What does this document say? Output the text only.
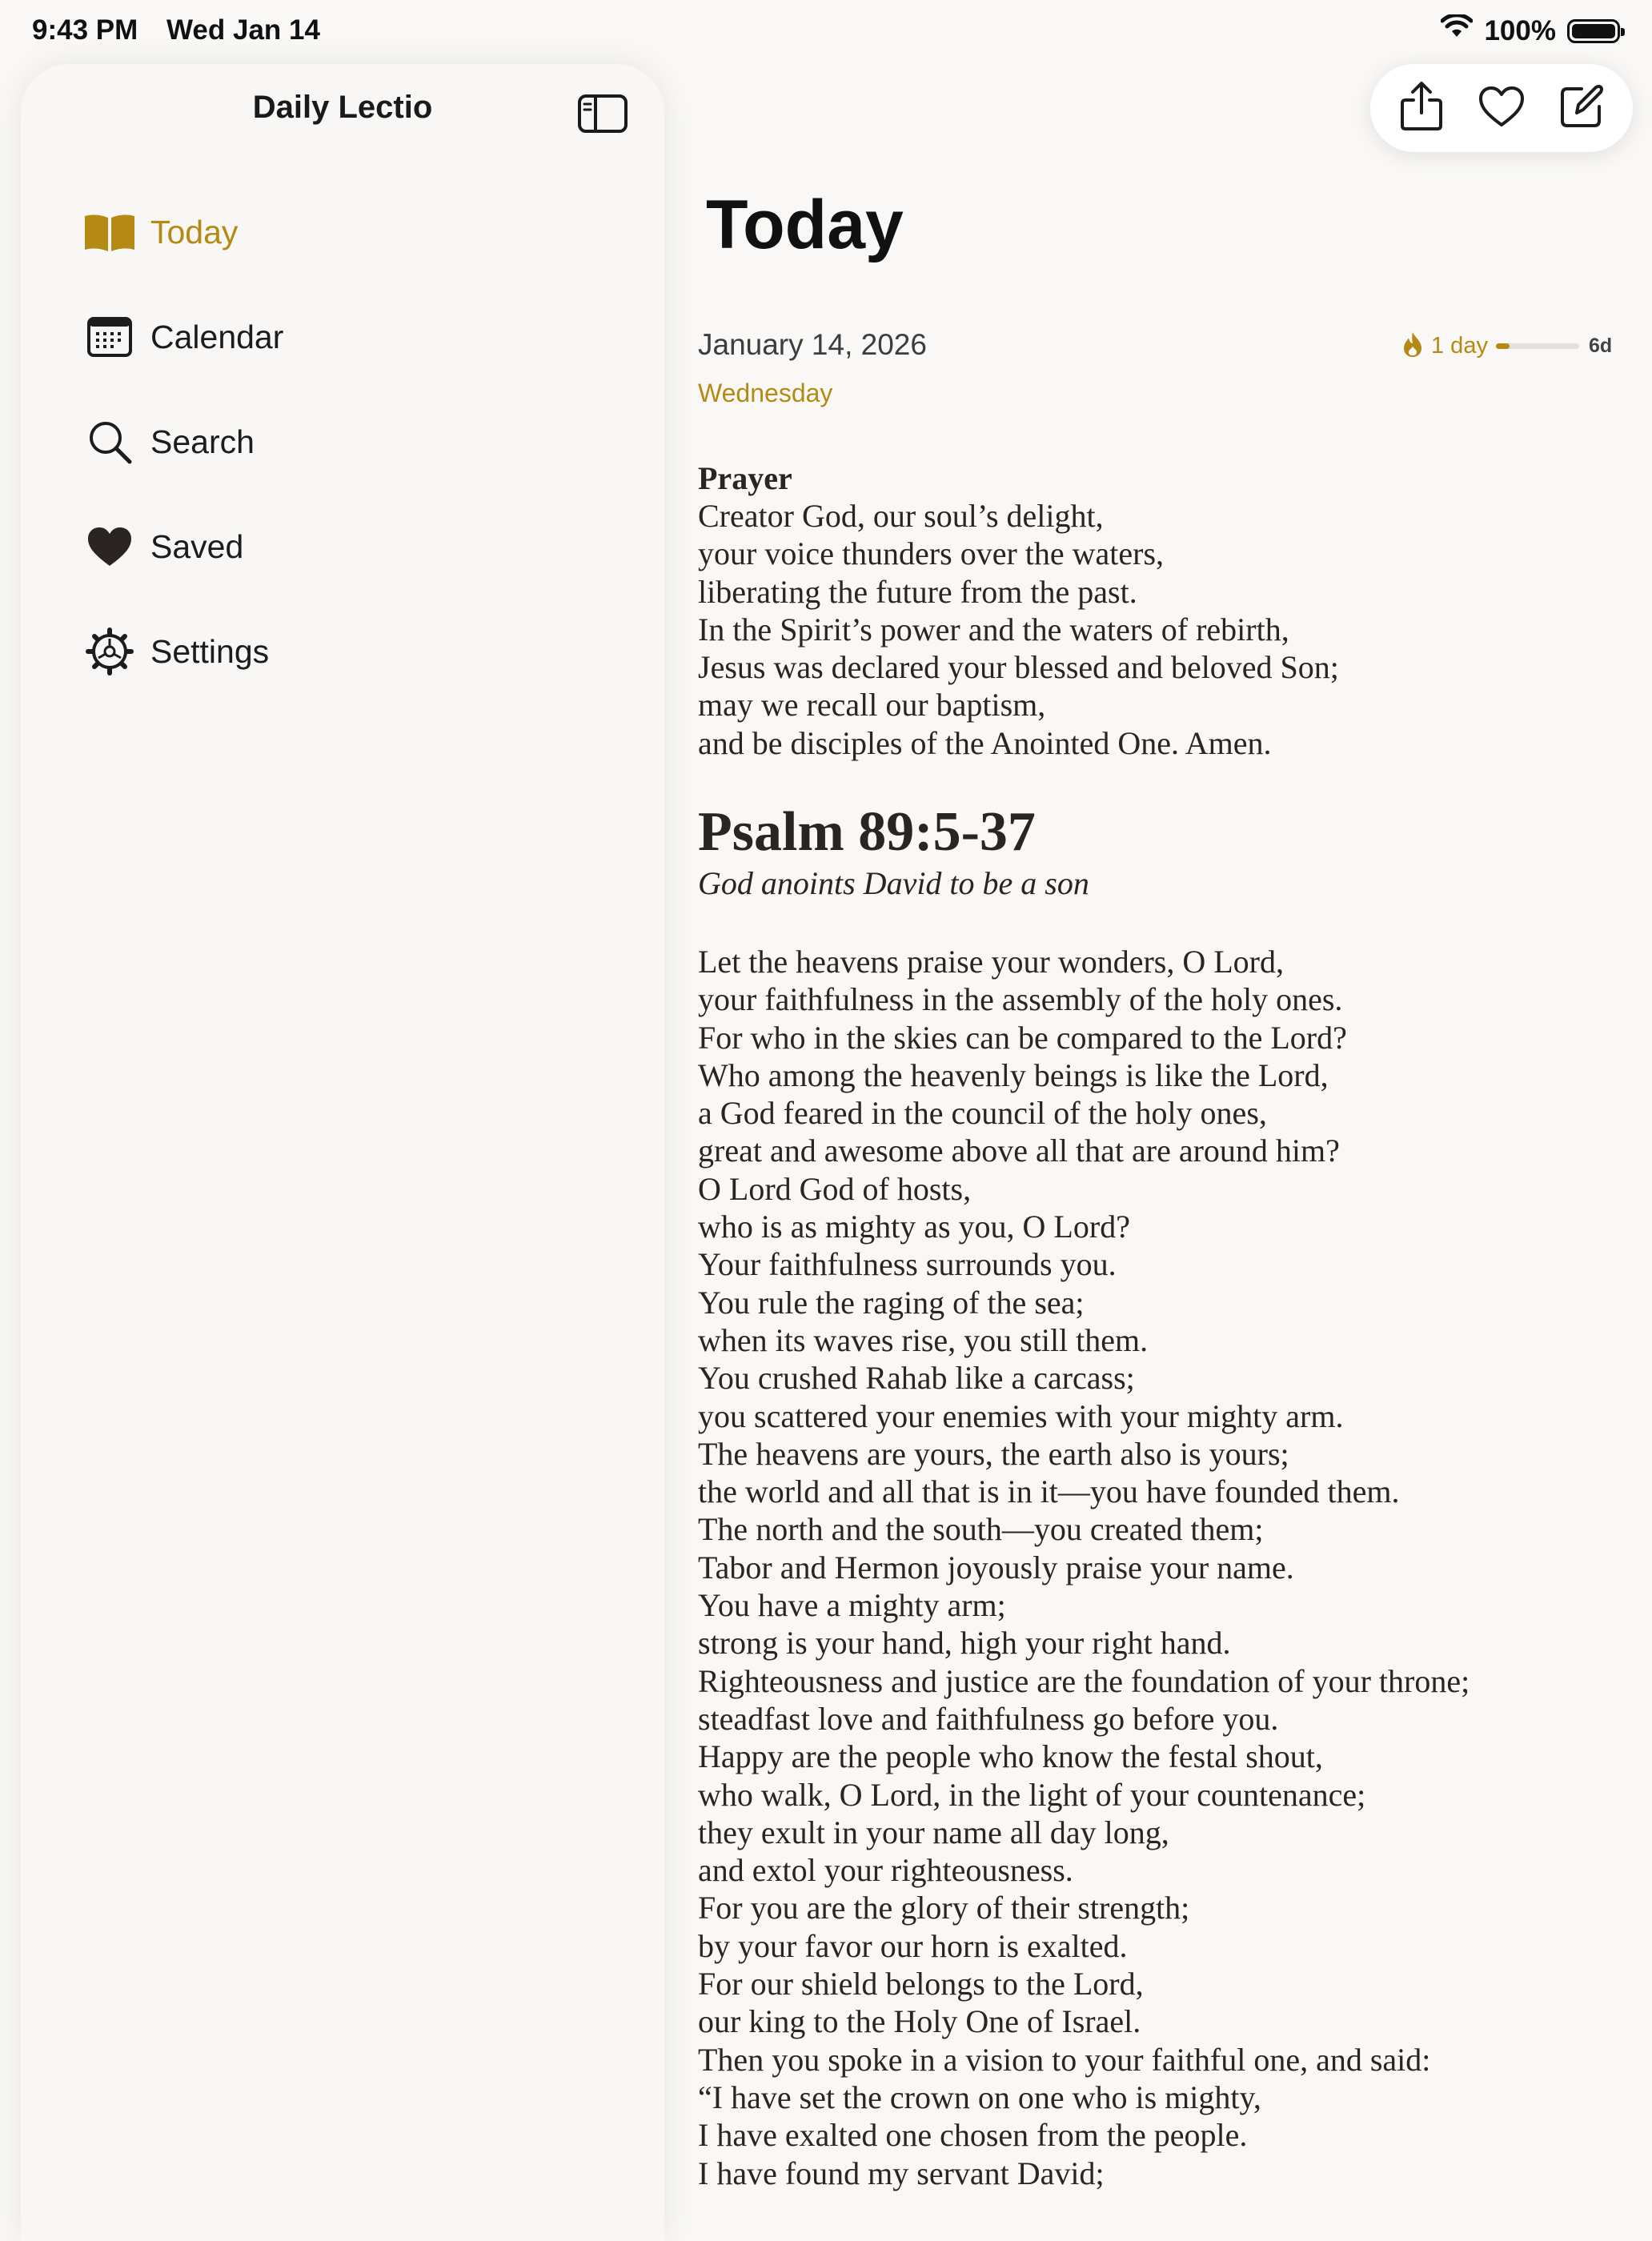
9:43 PM Wed Jan 14	100%
Daily Lectio
Today
Calendar
Search
Saved
Settings
Today
January 14, 2026
Wednesday
1 day	6d
Prayer
Creator God, our soul’s delight,
your voice thunders over the waters,
liberating the future from the past.
In the Spirit’s power and the waters of rebirth,
Jesus was declared your blessed and beloved Son;
may we recall our baptism,
and be disciples of the Anointed One. Amen.
Psalm 89:5-37
God anoints David to be a son
Let the heavens praise your wonders, O Lord,
your faithfulness in the assembly of the holy ones.
For who in the skies can be compared to the Lord?
Who among the heavenly beings is like the Lord,
a God feared in the council of the holy ones,
great and awesome above all that are around him?
O Lord God of hosts,
who is as mighty as you, O Lord?
Your faithfulness surrounds you.
You rule the raging of the sea;
when its waves rise, you still them.
You crushed Rahab like a carcass;
you scattered your enemies with your mighty arm.
The heavens are yours, the earth also is yours;
the world and all that is in it—you have founded them.
The north and the south—you created them;
Tabor and Hermon joyously praise your name.
You have a mighty arm;
strong is your hand, high your right hand.
Righteousness and justice are the foundation of your throne;
steadfast love and faithfulness go before you.
Happy are the people who know the festal shout,
who walk, O Lord, in the light of your countenance;
they exult in your name all day long,
and extol your righteousness.
For you are the glory of their strength;
by your favor our horn is exalted.
For our shield belongs to the Lord,
our king to the Holy One of Israel.
Then you spoke in a vision to your faithful one, and said:
“I have set the crown on one who is mighty,
I have exalted one chosen from the people.
I have found my servant David;
